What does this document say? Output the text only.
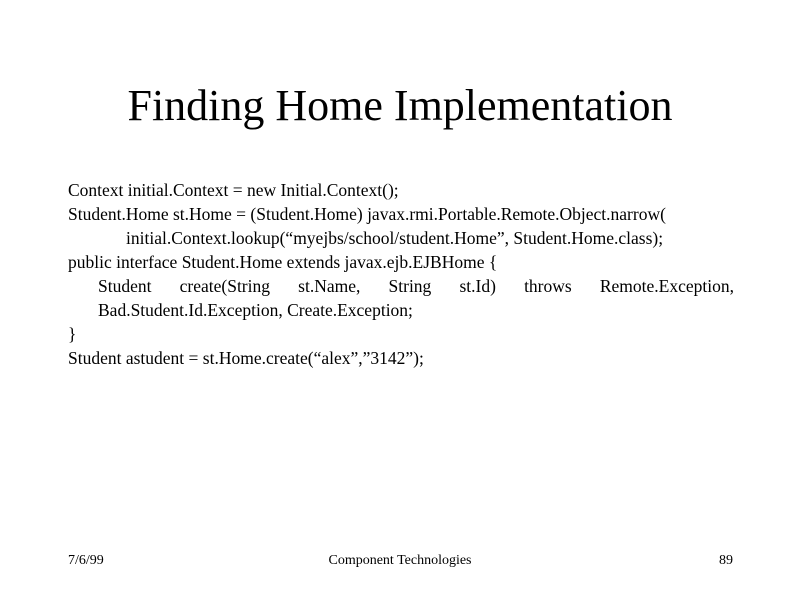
Finding Home Implementation
Context initial.Context = new Initial.Context();
Student.Home st.Home = (Student.Home) javax.rmi.Portable.Remote.Object.narrow(
initial.Context.lookup(“myejbs/school/student.Home”, Student.Home.class);
public interface Student.Home extends javax.ejb.EJBHome {
Student create(String st.Name, String st.Id) throws Remote.Exception, Bad.Student.Id.Exception, Create.Exception;
}
Student astudent = st.Home.create(“alex”,”3142”);
7/6/99	Component Technologies	89
